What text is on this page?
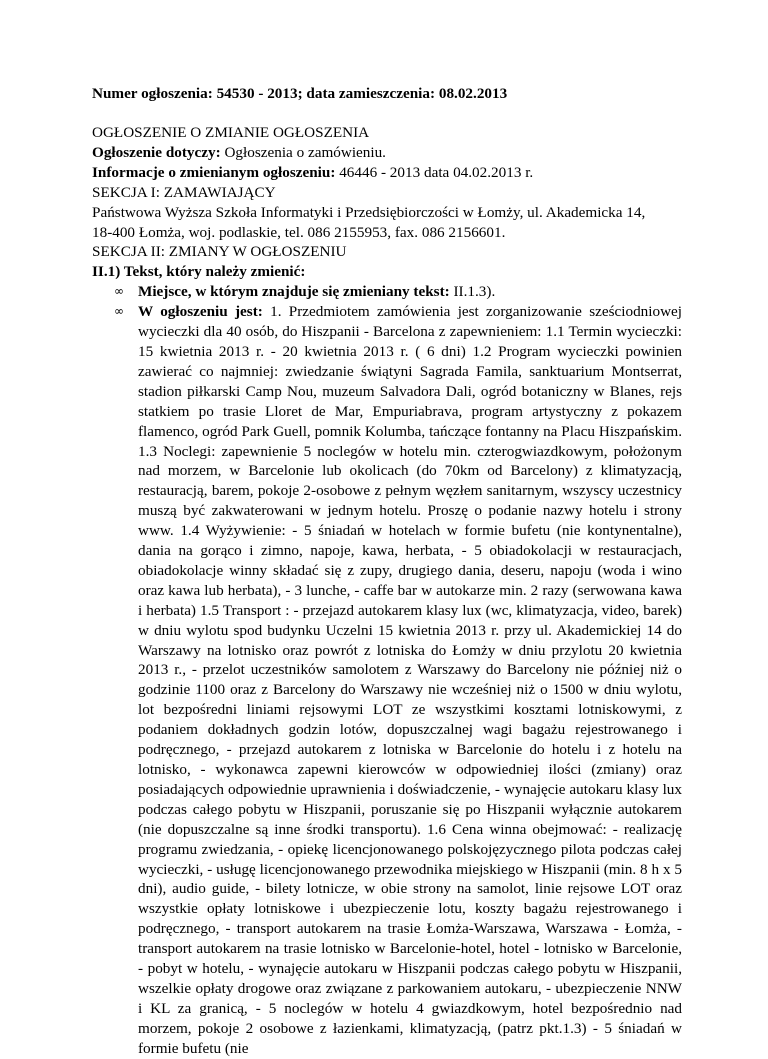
Numer ogłoszenia: 54530 - 2013; data zamieszczenia: 08.02.2013
OGŁOSZENIE O ZMIANIE OGŁOSZENIA
Ogłoszenie dotyczy: Ogłoszenia o zamówieniu.
Informacje o zmienianym ogłoszeniu: 46446 - 2013 data 04.02.2013 r.
SEKCJA I: ZAMAWIAJĄCY
Państwowa Wyższa Szkoła Informatyki i Przedsiębiorczości w Łomży, ul. Akademicka 14,
18-400 Łomża, woj. podlaskie, tel. 086 2155953, fax. 086 2156601.
SEKCJA II: ZMIANY W OGŁOSZENIU
II.1) Tekst, który należy zmienić:
∞ Miejsce, w którym znajduje się zmieniany tekst: II.1.3).
∞ W ogłoszeniu jest: 1. Przedmiotem zamówienia jest zorganizowanie sześciodniowej wycieczki dla 40 osób, do Hiszpanii - Barcelona z zapewnieniem: 1.1 Termin wycieczki: 15 kwietnia 2013 r. - 20 kwietnia 2013 r. ( 6 dni) 1.2 Program wycieczki powinien zawierać co najmniej: zwiedzanie świątyni Sagrada Famila, sanktuarium Montserrat, stadion piłkarski Camp Nou, muzeum Salvadora Dali, ogród botaniczny w Blanes, rejs statkiem po trasie Lloret de Mar, Empuriabrava, program artystyczny z pokazem flamenco, ogród Park Guell, pomnik Kolumba, tańczące fontanny na Placu Hiszpańskim. 1.3 Noclegi: zapewnienie 5 noclegów w hotelu min. czterogwiazdkowym, położonym nad morzem, w Barcelonie lub okolicach (do 70km od Barcelony) z klimatyzacją, restauracją, barem, pokoje 2-osobowe z pełnym węzłem sanitarnym, wszyscy uczestnicy muszą być zakwaterowani w jednym hotelu. Proszę o podanie nazwy hotelu i strony www. 1.4 Wyżywienie: - 5 śniadań w hotelach w formie bufetu (nie kontynentalne), dania na gorąco i zimno, napoje, kawa, herbata, - 5 obiadokolacji w restauracjach, obiadokolacje winny składać się z zupy, drugiego dania, deseru, napoju (woda i wino oraz kawa lub herbata), - 3 lunche, - caffe bar w autokarze min. 2 razy (serwowana kawa i herbata) 1.5 Transport : - przejazd autokarem klasy lux (wc, klimatyzacja, video, barek) w dniu wylotu spod budynku Uczelni 15 kwietnia 2013 r. przy ul. Akademickiej 14 do Warszawy na lotnisko oraz powrót z lotniska do Łomży w dniu przylotu 20 kwietnia 2013 r., - przelot uczestników samolotem z Warszawy do Barcelony nie później niż o godzinie 1100 oraz z Barcelony do Warszawy nie wcześniej niż o 1500 w dniu wylotu, lot bezpośredni liniami rejsowymi LOT ze wszystkimi kosztami lotniskowymi, z podaniem dokładnych godzin lotów, dopuszczalnej wagi bagażu rejestrowanego i podręcznego, - przejazd autokarem z lotniska w Barcelonie do hotelu i z hotelu na lotnisko, - wykonawca zapewni kierowców w odpowiedniej ilości (zmiany) oraz posiadających odpowiednie uprawnienia i doświadczenie, - wynajęcie autokaru klasy lux podczas całego pobytu w Hiszpanii, poruszanie się po Hiszpanii wyłącznie autokarem (nie dopuszczalne są inne środki transportu). 1.6 Cena winna obejmować: - realizację programu zwiedzania, - opiekę licencjonowanego polskojęzycznego pilota podczas całej wycieczki, - usługę licencjonowanego przewodnika miejskiego w Hiszpanii (min. 8 h x 5 dni), audio guide, - bilety lotnicze, w obie strony na samolot, linie rejsowe LOT oraz wszystkie opłaty lotniskowe i ubezpieczenie lotu, koszty bagażu rejestrowanego i podręcznego, - transport autokarem na trasie Łomża-Warszawa, Warszawa - Łomża, - transport autokarem na trasie lotnisko w Barcelonie-hotel, hotel - lotnisko w Barcelonie, - pobyt w hotelu, - wynajęcie autokaru w Hiszpanii podczas całego pobytu w Hiszpanii, wszelkie opłaty drogowe oraz związane z parkowaniem autokaru, - ubezpieczenie NNW i KL za granicą, - 5 noclegów w hotelu 4 gwiazdkowym, hotel bezpośrednio nad morzem, pokoje 2 osobowe z łazienkami, klimatyzacją, (patrz pkt.1.3) - 5 śniadań w formie bufetu (nie
